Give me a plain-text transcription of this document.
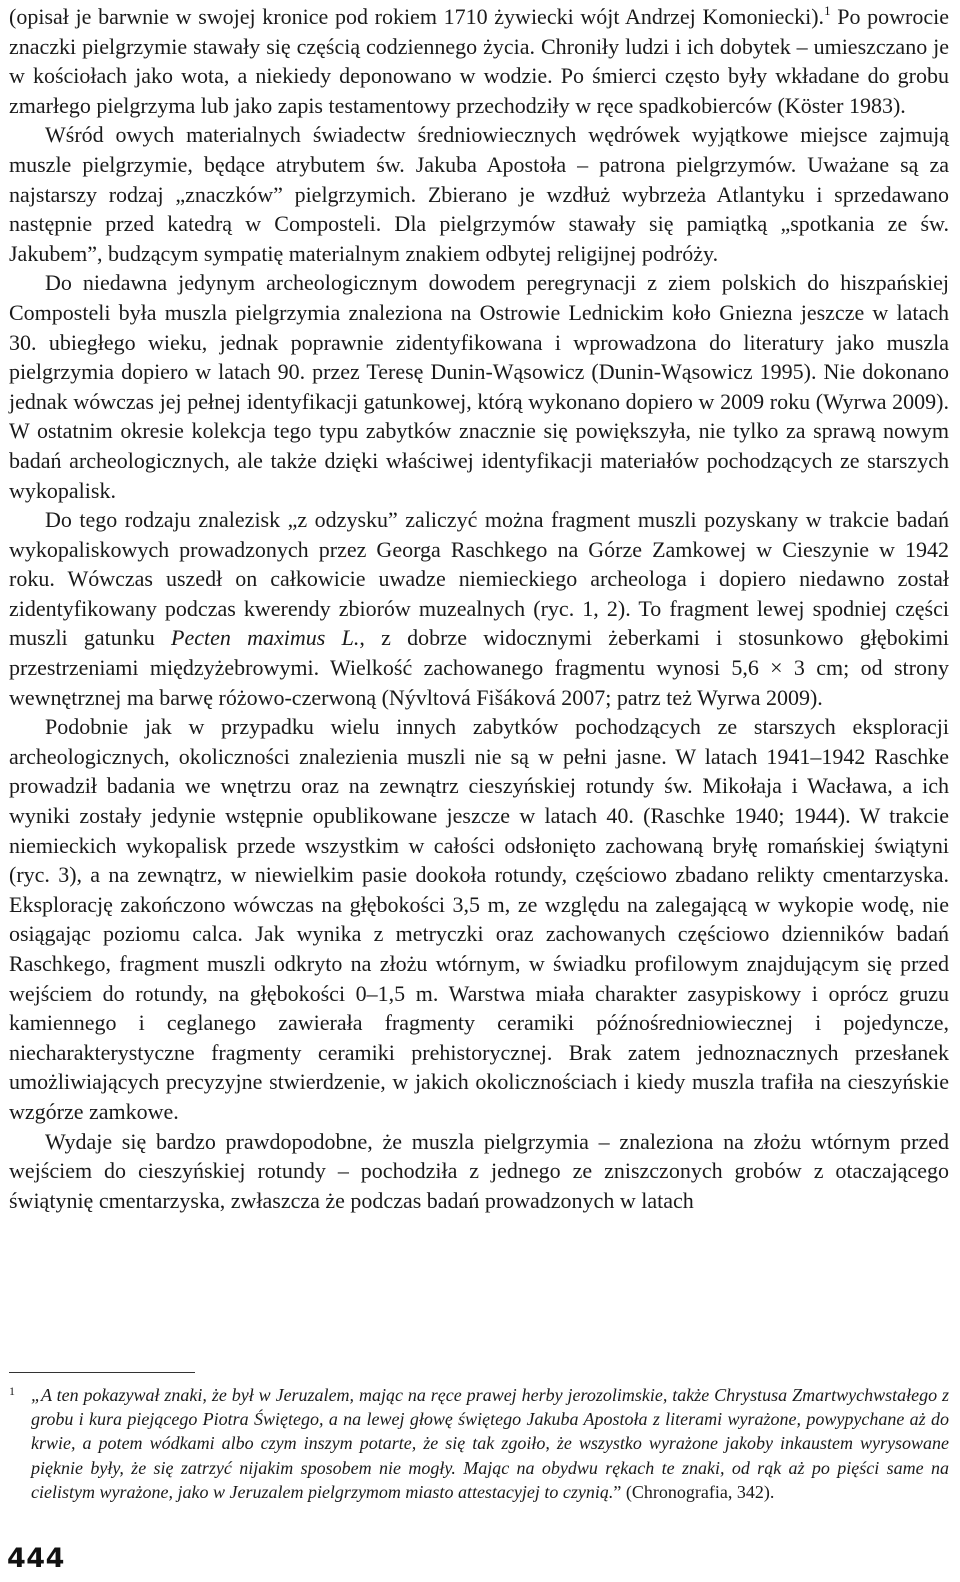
(opisał je barwnie w swojej kronice pod rokiem 1710 żywiecki wójt Andrzej Komoniecki).$^1$ Po powrocie znaczki pielgrzymie stawały się częścią codziennego życia. Chroniły ludzi i ich dobytek – umieszczano je w kościołach jako wota, a niekiedy deponowano w wodzie. Po śmierci często były wkładane do grobu zmarłego pielgrzyma lub jako zapis testamentowy przechodziły w ręce spadkobierców (Köster 1983).

Wśród owych materialnych świadectw średniowiecznych wędrówek wyjątkowe miejsce zajmują muszle pielgrzymie, będące atrybutem św. Jakuba Apostoła – patrona pielgrzymów. Uważane są za najstarszy rodzaj „znaczków” pielgrzymich. Zbierano je wzdłuż wybrzeża Atlantyku i sprzedawano następnie przed katedrą w Composteli. Dla pielgrzymów stawały się pamiątką „spotkania ze św. Jakubem”, budzącym sympatię materialnym znakiem odbytej religijnej podróży.

Do niedawna jedynym archeologicznym dowodem peregrynacji z ziem polskich do hiszpańskiej Composteli była muszla pielgrzymia znaleziona na Ostrowie Lednickim koło Gniezna jeszcze w latach 30. ubiegłego wieku, jednak poprawnie zidentyfikowana i wprowadzona do literatury jako muszla pielgrzymia dopiero w latach 90. przez Teresę Dunin-Wąsowicz (Dunin-Wąsowicz 1995). Nie dokonano jednak wówczas jej pełnej identyfikacji gatunkowej, którą wykonano dopiero w 2009 roku (Wyrwa 2009). W ostatnim okresie kolekcja tego typu zabytków znacznie się powiększyła, nie tylko za sprawą nowym badań archeologicznych, ale także dzięki właściwej identyfikacji materiałów pochodzących ze starszych wykopalisk.

Do tego rodzaju znalezisk „z odzysku” zaliczyć można fragment muszli pozyskany w trakcie badań wykopaliskowych prowadzonych przez Georga Raschkego na Górze Zamkowej w Cieszynie w 1942 roku. Wówczas uszedł on całkowicie uwadze niemieckiego archeologa i dopiero niedawno został zidentyfikowany podczas kwerendy zbiorów muzealnych (ryc. 1, 2). To fragment lewej spodniej części muszli gatunku Pecten maximus L., z dobrze widocznymi żeberkami i stosunkowo głębokimi przestrzeniami międzyżebrowymi. Wielkość zachowanego fragmentu wynosi 5,6 × 3 cm; od strony wewnętrznej ma barwę różowo-czerwoną (Nývltová Fišáková 2007; patrz też Wyrwa 2009).

Podobnie jak w przypadku wielu innych zabytków pochodzących ze starszych eksploracji archeologicznych, okoliczności znalezienia muszli nie są w pełni jasne. W latach 1941–1942 Raschke prowadził badania we wnętrzu oraz na zewnątrz cieszyńskiej rotundy św. Mikołaja i Wacława, a ich wyniki zostały jedynie wstępnie opublikowane jeszcze w latach 40. (Raschke 1940; 1944). W trakcie niemieckich wykopalisk przede wszystkim w całości odsłonięto zachowaną bryłę romańskiej świątyni (ryc. 3), a na zewnątrz, w niewielkim pasie dookoła rotundy, częściowo zbadano relikty cmentarzyska. Eksplorację zakończono wówczas na głębokości 3,5 m, ze względu na zalegającą w wykopie wodę, nie osiągając poziomu calca. Jak wynika z metryczki oraz zachowanych częściowo dzienników badań Raschkego, fragment muszli odkryto na złożu wtórnym, w świadku profilowym znajdującym się przed wejściem do rotundy, na głębokości 0–1,5 m. Warstwa miała charakter zasypiskowy i oprócz gruzu kamiennego i ceglanego zawierała fragmenty ceramiki późnośredniowiecznej i pojedyncze, niecharakterystyczne fragmenty ceramiki prehistorycznej. Brak zatem jednoznacznych przesłanek umożliwiających precyzyjne stwierdzenie, w jakich okolicznościach i kiedy muszla trafiła na cieszyńskie wzgórze zamkowe.

Wydaje się bardzo prawdopodobne, że muszla pielgrzymia – znaleziona na złożu wtórnym przed wejściem do cieszyńskiej rotundy – pochodziła z jednego ze zniszczonych grobów z otaczającego świątynię cmentarzyska, zwłaszcza że podczas badań prowadzonych w latach

1 „A ten pokazywał znaki, że był w Jeruzalem, mając na ręce prawej herby jerozolimskie, także Chrystusa Zmartwychwstałego z grobu i kura piejącego Piotra Świętego, a na lewej głowę świętego Jakuba Apostoła z literami wyrażone, powypychane aż do krwie, a potem wódkami albo czym inszym potarte, że się tak zgoiło, że wszystko wyrażone jakoby inkaustem wyrysowane pięknie były, że się zatrzyć nijakim sposobem nie mogły. Mając na obydwu rękach te znaki, od rąk aż po pięści same na cielistym wyrażone, jako w Jeruzalem pielgrzymom miasto attestacyjej to czynią.” (Chronografia, 342).
444
